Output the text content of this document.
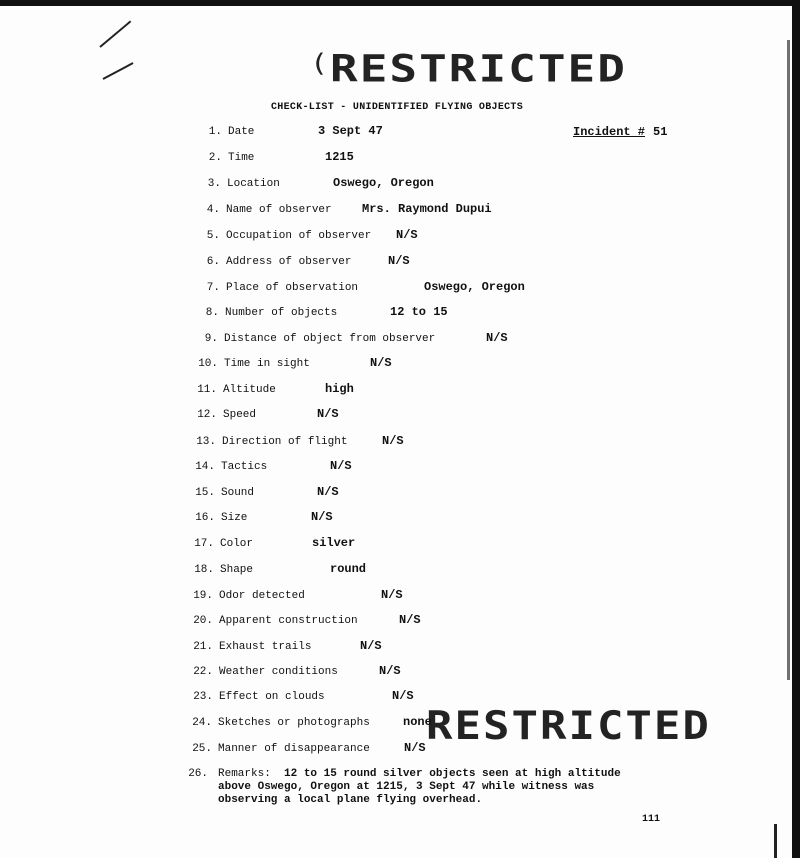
( RESTRICTED
CHECK-LIST - UNIDENTIFIED FLYING OBJECTS
Incident # 51
1. Date	3 Sept 47
2. Time	1215
3. Location	Oswego, Oregon
4. Name of observer	Mrs. Raymond Dupui
5. Occupation of observer N/S
6. Address of observer	N/S
7. Place of observation	Oswego, Oregon
8. Number of objects	12 to 15
9. Distance of object from observer	N/S
10. Time in sight	N/S
11. Altitude	high
12. Speed	N/S
13. Direction of flight	N/S
14. Tactics	N/S
15. Sound	N/S
16. Size	N/S
17. Color	silver
18. Shape	round
19. Odor detected	N/S
20. Apparent construction	N/S
21. Exhaust trails	N/S
22. Weather conditions	N/S
23. Effect on clouds	N/S
24. Sketches or photographs	none
25. Manner of disappearance	N/S RESTRICTED
26. Remarks: 12 to 15 round silver objects seen at high altitude above Oswego, Oregon at 1215, 3 Sept 47 while witness was observing a local plane flying overhead.
111
